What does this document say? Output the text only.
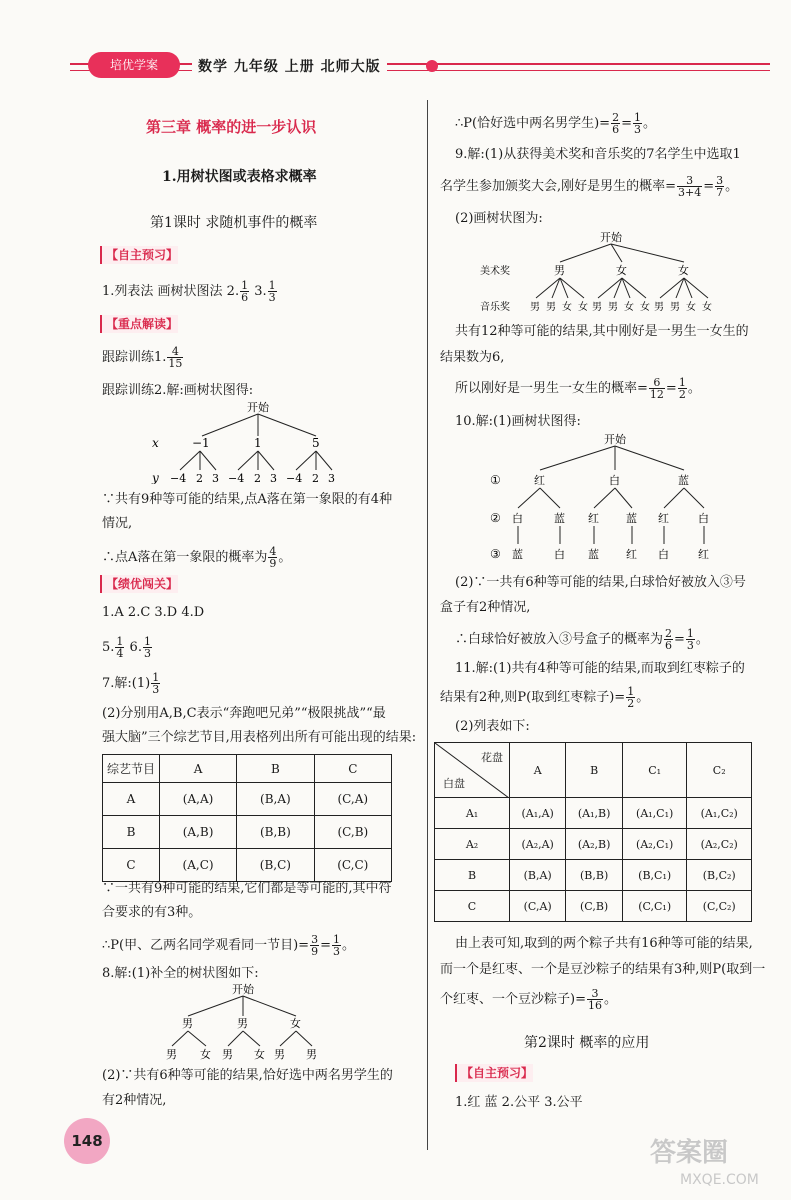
培优学案	数学 九年级 上册 北师大版
第三章 概率的进一步认识
1.用树状图或表格求概率
第1课时 求随机事件的概率
【自主预习】
1.列表法 画树状图法 2. $\frac{1}{6} 3$. $\frac{1}{3}$
【重点解读】
跟踪训练1. $\frac{4}{15}$
跟踪训练2.解:画树状图得:
开始
x	−1	1	5
y −4 2 3 −4 2 3 −4 2 3
∵共有9种等可能的结果,点A落在第一象限的有4种
情况,
∴点A落在第一象限的概率为 $\frac{4}{9}$ 。
【绩优闯关】
1.A 2.C 3.D 4.D
5. $\frac{1}{4} 6$. $\frac{1}{3}$
7.解:(1) $\frac{1}{3}$
(2)分别用A,B,C表示“奔跑吧兄弟”“极限挑战”“最
强大脑”三个综艺节目,用表格列出所有可能出现的结果:
综艺节目	A	B	C
A	(A,A)	(B,A)	(C,A)
B	(A,B)	(B,B)	(C,B)
C	(A,C)	(B,C)	(C,C)
∵一共有9种可能的结果,它们都是等可能的,其中符
合要求的有3种。
∴P(甲、乙两名同学观看同一节目)= $\frac{3}{9} = \frac{1}{3}$ 。
8.解:(1)补全的树状图如下:
开始
男	男	女
男 女 男 女 男 男
(2)∵共有6种等可能的结果,恰好选中两名男学生的
有2种情况,
∴P(恰好选中两名男学生)= $\frac{2}{6} = \frac{1}{3}$ 。
9.解:(1)从获得美术奖和音乐奖的7名学生中选取1
名学生参加颁奖大会,刚好是男生的概率= $\frac{3}{3+4} = \frac{3}{7}$ 。
(2)画树状图为:
开始
美术奖	男	女	女
音乐奖 男 男 女 女 男 男 女 女 男 男 女 女
共有12种等可能的结果,其中刚好是一男生一女生的
结果数为6,
所以刚好是一男生一女生的概率= $\frac{6}{12} = \frac{1}{2}$ 。
10.解:(1)画树状图得:
开始
①	红	白	蓝
② 白	蓝 红 蓝 红	白
③ 蓝	白 蓝 红 白	红
(2)∵一共有6种等可能的结果,白球恰好被放入③号
盒子有2种情况,
∴白球恰好被放入③号盒子的概率为 $\frac{2}{6} = \frac{1}{3}$ 。
11.解:(1)共有4种等可能的结果,而取到红枣粽子的
结果有2种,则P(取到红枣粽子)= $\frac{1}{2}$ 。
(2)列表如下:
花盘
白盘	A	B	C₁	C₂
A₁	(A₁,A)	(A₁,B)	(A₁,C₁)	(A₁,C₂)
A₂	(A₂,A)	(A₂,B)	(A₂,C₁)	(A₂,C₂)
B	(B,A)	(B,B)	(B,C₁)	(B,C₂)
C	(C,A)	(C,B)	(C,C₁)	(C,C₂)
由上表可知,取到的两个粽子共有16种等可能的结果,
而一个是红枣、一个是豆沙粽子的结果有3种,则P(取到一
个红枣、一个豆沙粽子)= $\frac{3}{16}$ 。
第2课时 概率的应用
【自主预习】
1.红 蓝 2.公平 3.公平
148	答案圈
MXQE.COM
